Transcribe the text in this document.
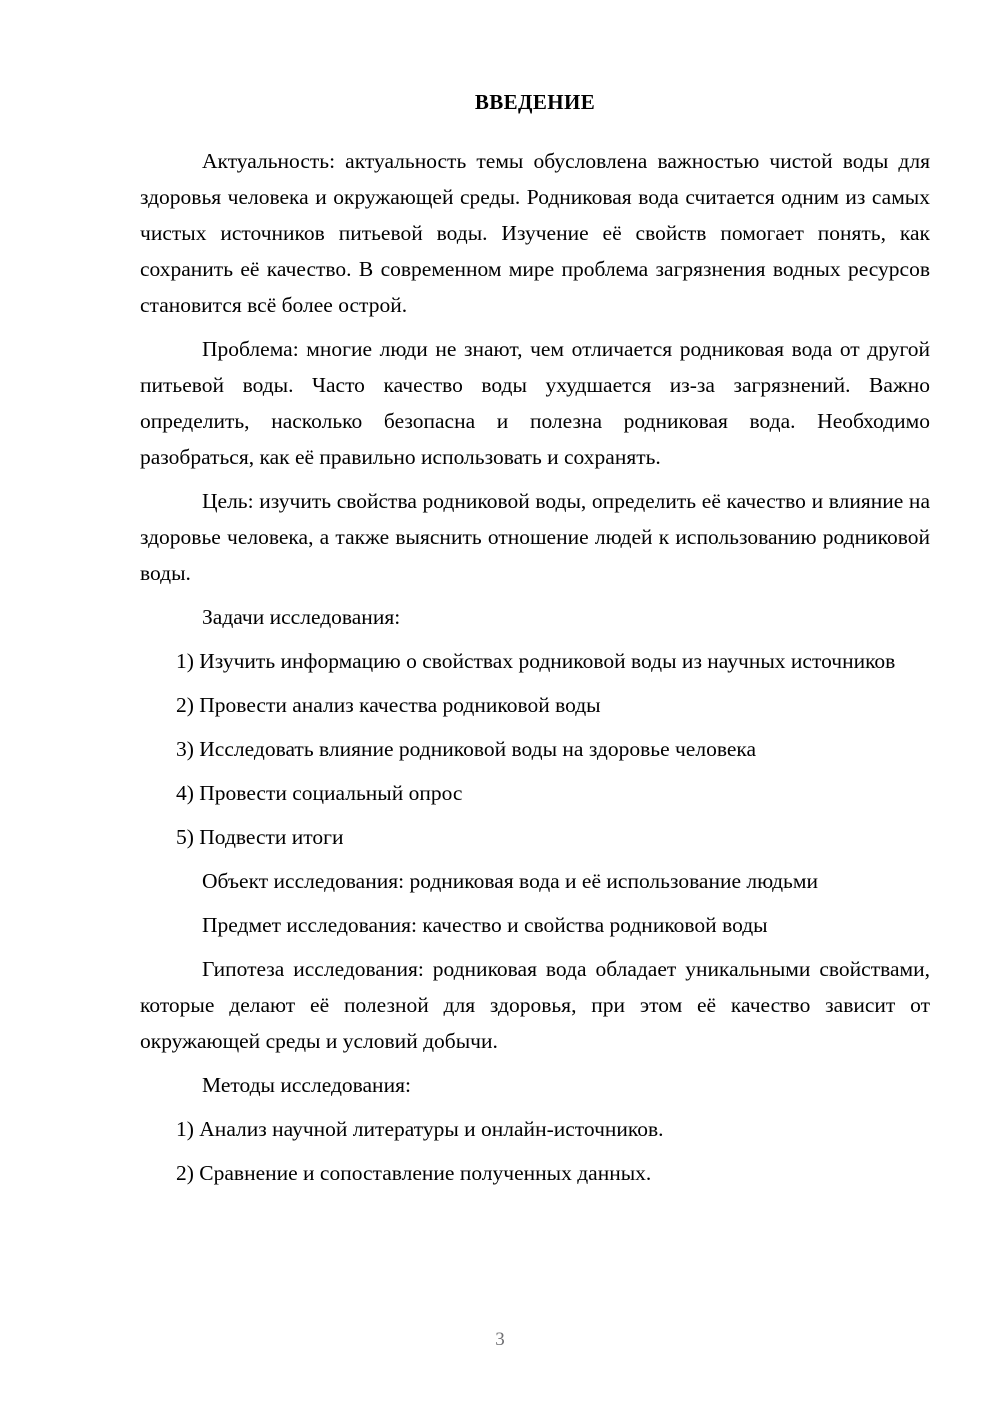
ВВЕДЕНИЕ

Актуальность: актуальность темы обусловлена важностью чистой воды для здоровья человека и окружающей среды. Родниковая вода считается одним из самых чистых источников питьевой воды. Изучение её свойств помогает понять, как сохранить её качество. В современном мире проблема загрязнения водных ресурсов становится всё более острой.

Проблема: многие люди не знают, чем отличается родниковая вода от другой питьевой воды. Часто качество воды ухудшается из-за загрязнений. Важно определить, насколько безопасна и полезна родниковая вода. Необходимо разобраться, как её правильно использовать и сохранять.

Цель: изучить свойства родниковой воды, определить её качество и влияние на здоровье человека, а также выяснить отношение людей к использованию родниковой воды.

Задачи исследования:

1) Изучить информацию о свойствах родниковой воды из научных источников

2) Провести анализ качества родниковой воды

3) Исследовать влияние родниковой воды на здоровье человека

4) Провести социальный опрос

5) Подвести итоги

Объект исследования: родниковая вода и её использование людьми

Предмет исследования: качество и свойства родниковой воды

Гипотеза исследования: родниковая вода обладает уникальными свойствами, которые делают её полезной для здоровья, при этом её качество зависит от окружающей среды и условий добычи.

Методы исследования:

1) Анализ научной литературы и онлайн-источников.

2) Сравнение и сопоставление полученных данных.

3
